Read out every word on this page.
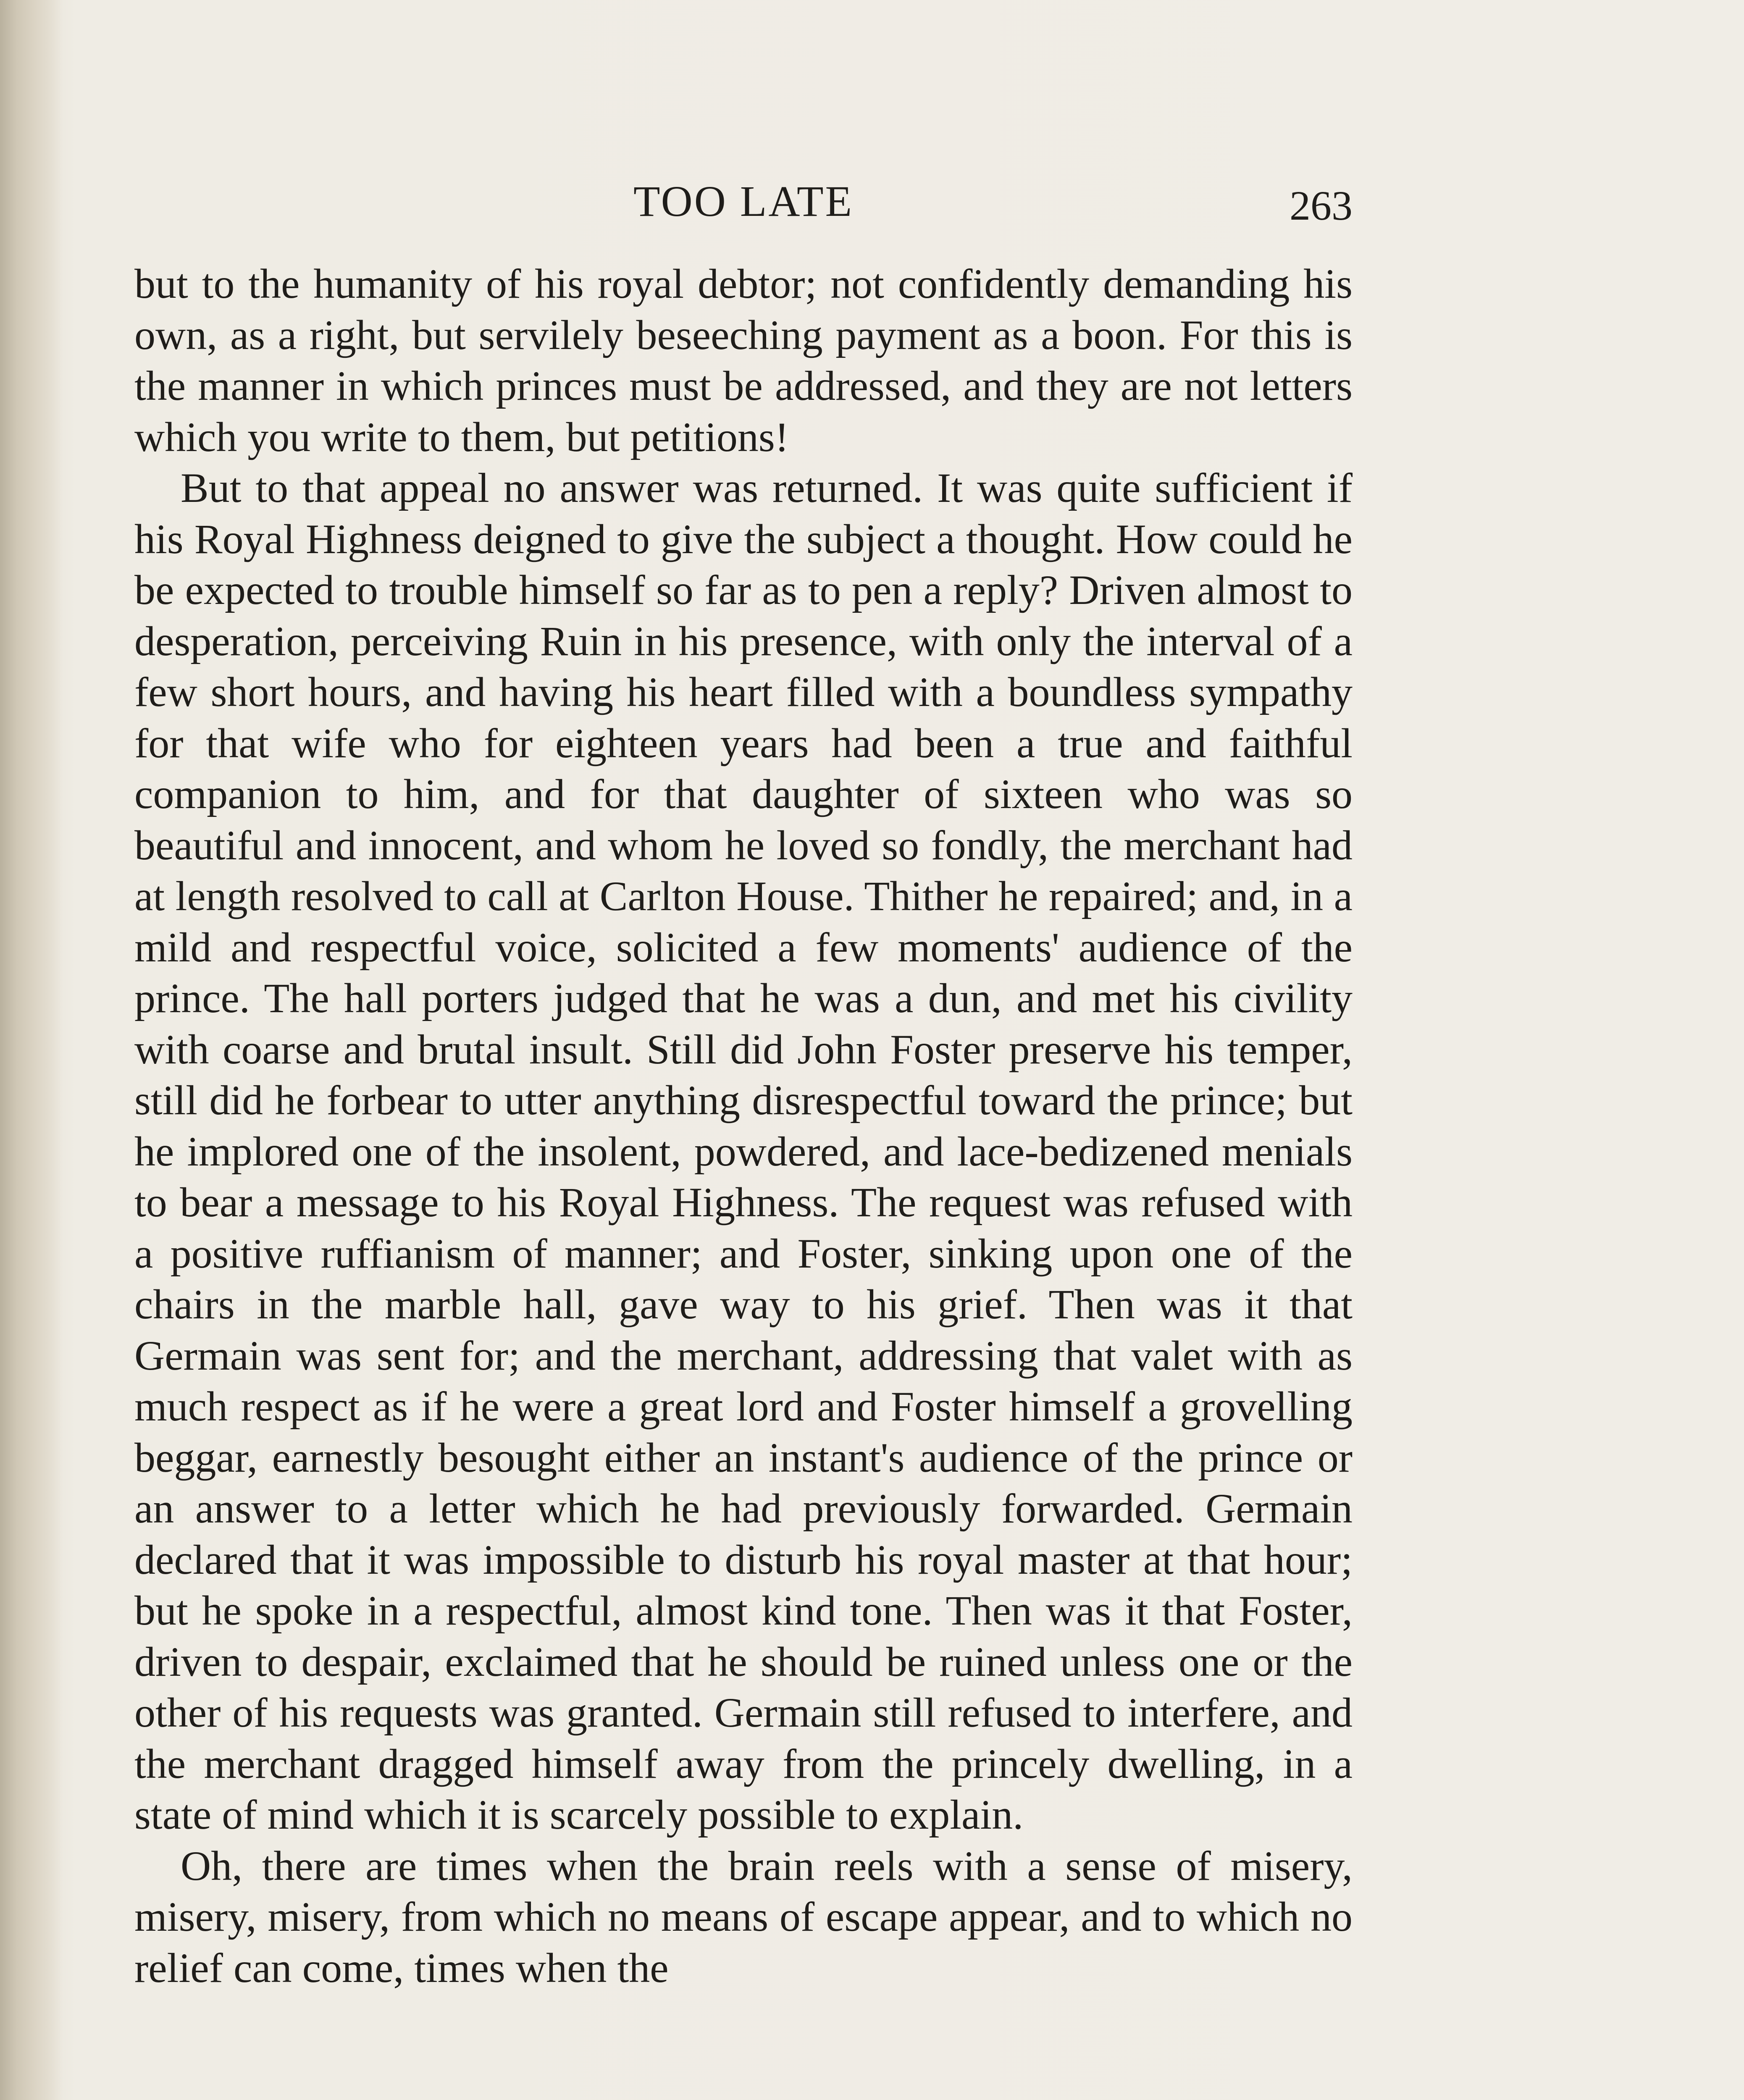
TOO LATE	263

but to the humanity of his royal debtor; not confidently demanding his own, as a right, but servilely beseeching payment as a boon. For this is the manner in which princes must be addressed, and they are not letters which you write to them, but petitions!

But to that appeal no answer was returned. It was quite sufficient if his Royal Highness deigned to give the subject a thought. How could he be expected to trouble himself so far as to pen a reply? Driven almost to desperation, perceiving Ruin in his presence, with only the interval of a few short hours, and having his heart filled with a boundless sympathy for that wife who for eighteen years had been a true and faithful companion to him, and for that daughter of sixteen who was so beautiful and innocent, and whom he loved so fondly, the merchant had at length resolved to call at Carlton House. Thither he repaired; and, in a mild and respectful voice, solicited a few moments' audience of the prince. The hall porters judged that he was a dun, and met his civility with coarse and brutal insult. Still did John Foster preserve his temper, still did he forbear to utter anything disrespectful toward the prince; but he implored one of the insolent, powdered, and lace-bedizened menials to bear a message to his Royal Highness. The request was refused with a positive ruffianism of manner; and Foster, sinking upon one of the chairs in the marble hall, gave way to his grief. Then was it that Germain was sent for; and the merchant, addressing that valet with as much respect as if he were a great lord and Foster himself a grovelling beggar, earnestly besought either an instant's audience of the prince or an answer to a letter which he had previously forwarded. Germain declared that it was impossible to disturb his royal master at that hour; but he spoke in a respectful, almost kind tone. Then was it that Foster, driven to despair, exclaimed that he should be ruined unless one or the other of his requests was granted. Germain still refused to interfere, and the merchant dragged himself away from the princely dwelling, in a state of mind which it is scarcely possible to explain.

Oh, there are times when the brain reels with a sense of misery, misery, misery, from which no means of escape appear, and to which no relief can come, times when the
